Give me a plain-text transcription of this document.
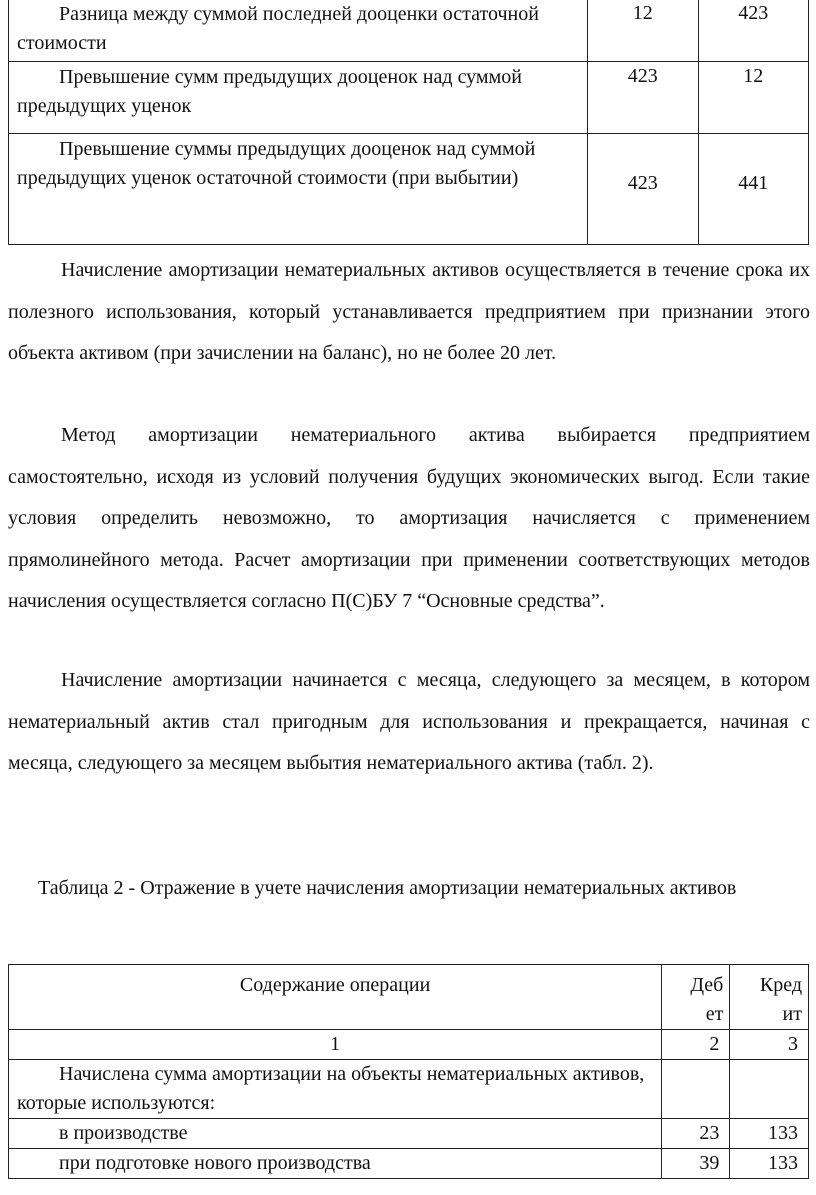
Разница между суммой последней дооценки остаточной стоимости	12	423
Превышение сумм предыдущих дооценок над суммой предыдущих уценок	423	12
Превышение суммы предыдущих дооценок над суммой предыдущих уценок остаточной стоимости (при выбытии)	423	441

Начисление амортизации нематериальных активов осуществляется в течение срока их полезного использования, который устанавливается предприятием при признании этого объекта активом (при зачислении на баланс), но не более 20 лет.

Метод амортизации нематериального актива выбирается предприятием самостоятельно, исходя из условий получения будущих экономических выгод. Если такие условия определить невозможно, то амортизация начисляется с применением прямолинейного метода. Расчет амортизации при применении соответствующих методов начисления осуществляется согласно П(С)БУ 7 “Основные средства”.

Начисление амортизации начинается с месяца, следующего за месяцем, в котором нематериальный актив стал пригодным для использования и прекращается, начиная с месяца, следующего за месяцем выбытия нематериального актива (табл. 2).

Таблица 2 - Отражение в учете начисления амортизации нематериальных активов

Содержание операции	Деб ет	Кред ит
1	2	3
Начислена сумма амортизации на объекты нематериальных активов, которые используются:		
в производстве	23	133
при подготовке нового производства	39	133
